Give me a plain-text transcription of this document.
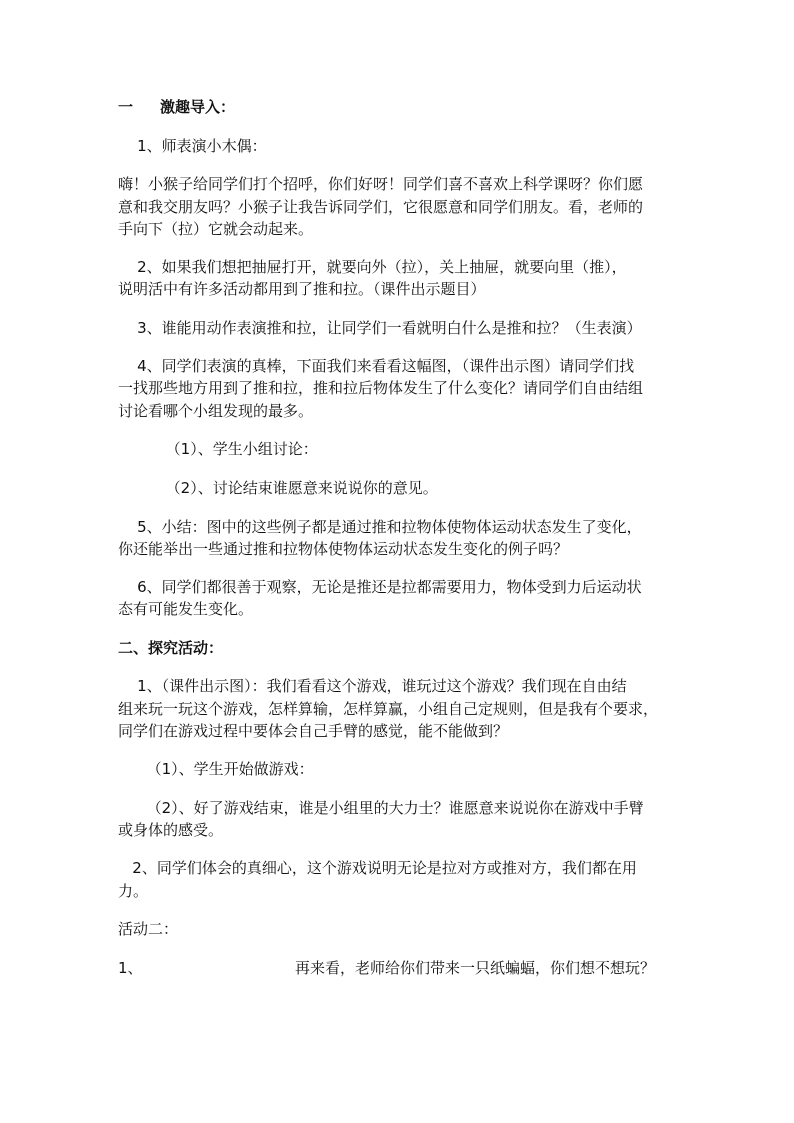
一	激趣导入：
1、师表演小木偶：
嗨！小猴子给同学们打个招呼，你们好呀！同学们喜不喜欢上科学课呀？你们愿
意和我交朋友吗？小猴子让我告诉同学们，它很愿意和同学们朋友。看，老师的
手向下（拉）它就会动起来。
2、如果我们想把抽屉打开，就要向外（拉），关上抽屉，就要向里（推），
说明活中有许多活动都用到了推和拉。（课件出示题目）
3、谁能用动作表演推和拉，让同学们一看就明白什么是推和拉？（生表演）
4、同学们表演的真棒，下面我们来看看这幅图，（课件出示图）请同学们找
一找那些地方用到了推和拉，推和拉后物体发生了什么变化？请同学们自由结组
讨论看哪个小组发现的最多。
（1）、学生小组讨论：
（2）、讨论结束谁愿意来说说你的意见。
5、小结：图中的这些例子都是通过推和拉物体使物体运动状态发生了变化，
你还能举出一些通过推和拉物体使物体运动状态发生变化的例子吗？
6、同学们都很善于观察，无论是推还是拉都需要用力，物体受到力后运动状
态有可能发生变化。
二、探究活动：
1、（课件出示图）：我们看看这个游戏，谁玩过这个游戏？我们现在自由结
组来玩一玩这个游戏，怎样算输，怎样算赢，小组自己定规则，但是我有个要求，
同学们在游戏过程中要体会自己手臂的感觉，能不能做到？
（1）、学生开始做游戏：
（2）、好了游戏结束，谁是小组里的大力士？谁愿意来说说你在游戏中手臂
或身体的感受。
2、同学们体会的真细心，这个游戏说明无论是拉对方或推对方，我们都在用
力。
活动二：
1、	再来看，老师给你们带来一只纸蝙蝠，你们想不想玩？
